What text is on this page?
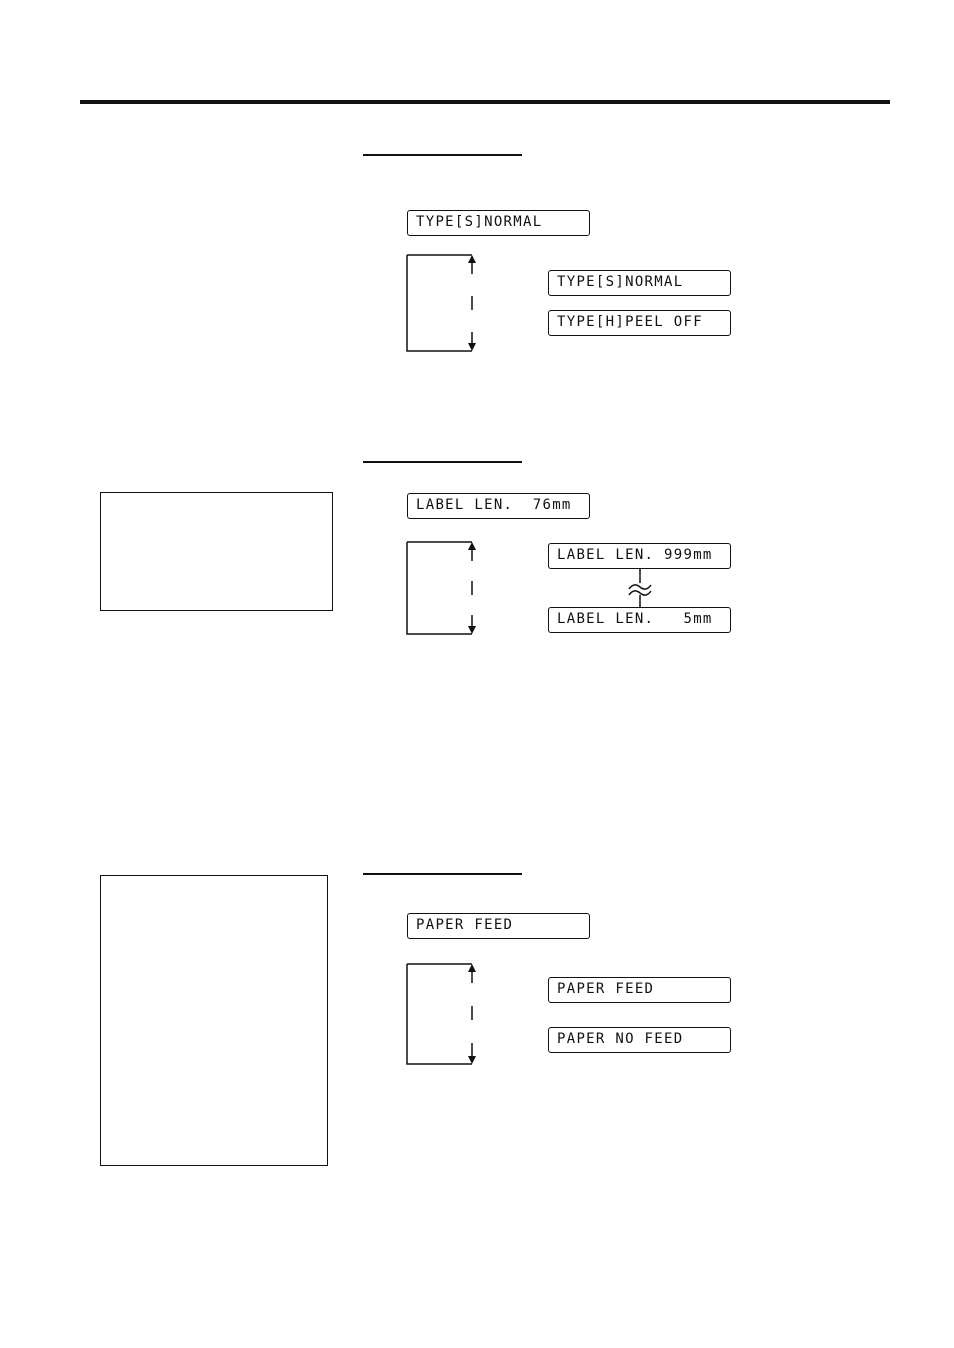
TYPE[S]NORMAL
TYPE[S]NORMAL
TYPE[H]PEEL OFF
LABEL LEN.  76mm
LABEL LEN. 999mm
LABEL LEN.   5mm
PAPER FEED
PAPER FEED
PAPER NO FEED
